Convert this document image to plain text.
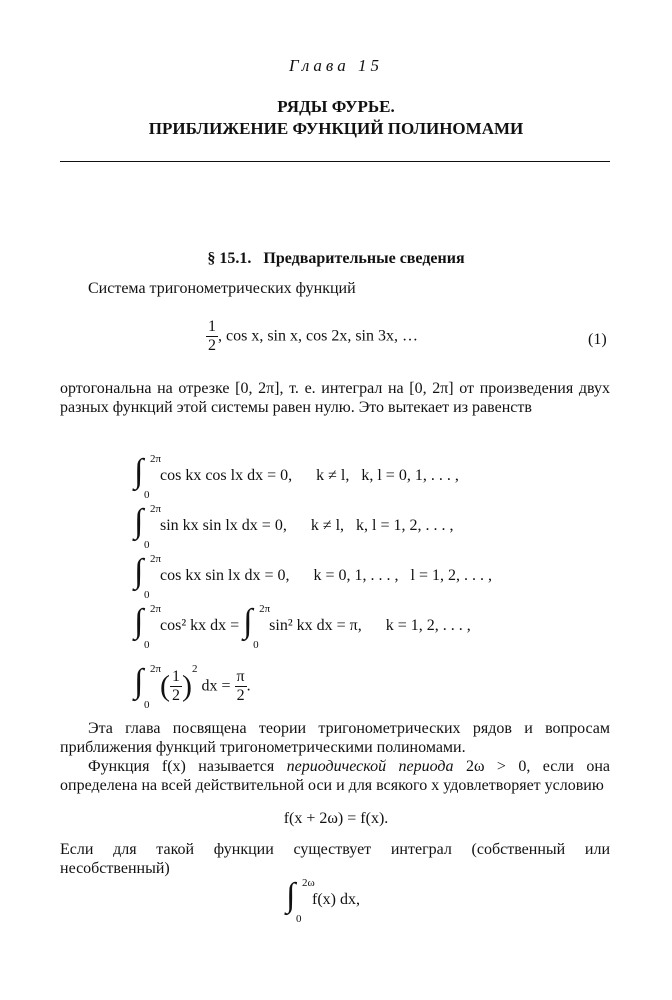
Глава 15
РЯДЫ ФУРЬЕ.
ПРИБЛИЖЕНИЕ ФУНКЦИЙ ПОЛИНОМАМИ
§ 15.1.   Предварительные сведения
Система тригонометрических функций
$\frac{1}{2}$ , cos x, sin x, cos 2x, sin 3x, …	(1)
ортогональна на отрезке [0, 2π], т. е. интеграл на [0, 2π] от произведения двух разных функций этой системы равен нулю. Это вытекает из равенств
∫ 2π
0
cos kx cos lx dx = 0,      k ≠ l,   k, l = 0, 1, . . . ,
∫ 2π
0
sin kx sin lx dx = 0,      k ≠ l,   k, l = 1, 2, . . . ,
∫ 2π
0
cos kx sin lx dx = 0,      k = 0, 1, . . . ,   l = 1, 2, . . . ,
∫ 2π
0
cos² kx dx = ∫ 2π
0
sin² kx dx = π,      k = 1, 2, . . . ,
∫ 2π
0
( $\frac{1}{2} )^2$ dx = $\frac{\pi}{2}$ .
Эта глава посвящена теории тригонометрических рядов и вопросам приближения функций тригонометрическими полиномами.
Функция f(x) называется периодической периода 2ω > 0, если она определена на всей действительной оси и для всякого x удовлетворяет условию
f(x + 2ω) = f(x).
Если для такой функции существует интеграл (собственный или несобственный)
∫ 2ω
0
f(x) dx,
